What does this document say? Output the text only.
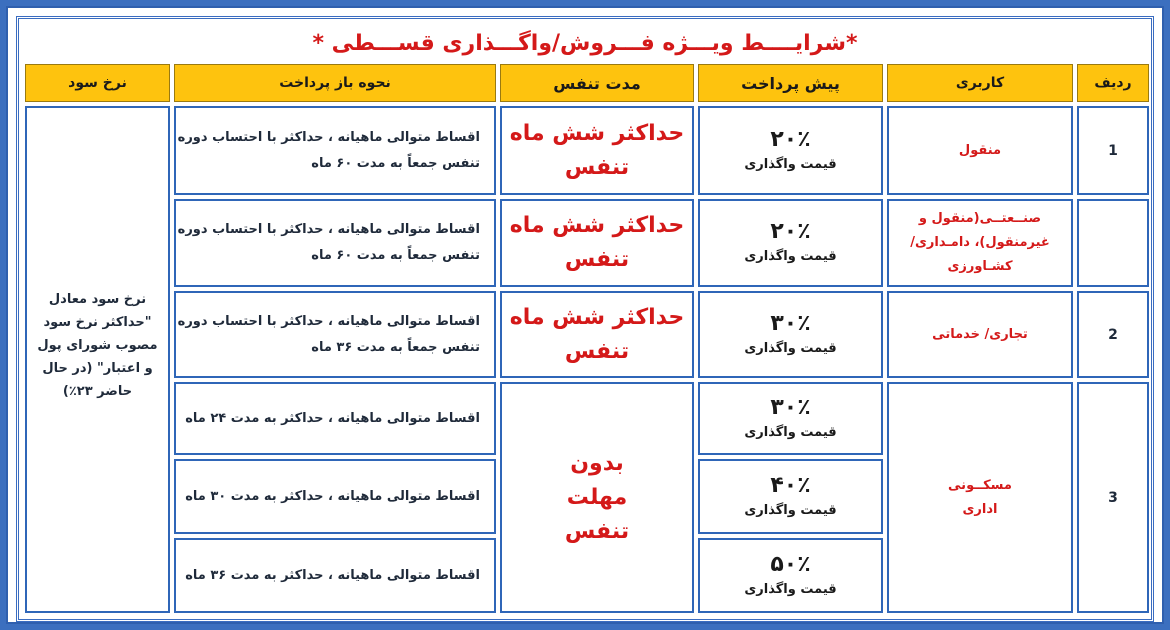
*شرایــــط ویـــژه فـــروش/واگـــذاری قســـطی *
ردیف
کاربری
پیش پرداخت
مدت تنفس
نحوه باز پرداخت
نرخ سود
1
منقول
۲۰٪
قیمت واگذاری
حداکثر شش ماه تنفس
اقساط متوالی ماهیانه ، حداکثر با احتساب دوره تنفس جمعاً به مدت ۶۰ ماه
صنــعتــی(منقول و غیرمنقول)، دامـداری/کشـاورزی
۲۰٪
قیمت واگذاری
حداکثر شش ماه تنفس
اقساط متوالی ماهیانه ، حداکثر با احتساب دوره تنفس جمعاً به مدت ۶۰ ماه
2
تجاری/ خدماتی
۳۰٪
قیمت واگذاری
حداکثر شش ماه تنفس
اقساط متوالی ماهیانه ، حداکثر با احتساب دوره تنفس جمعاً به مدت ۳۶ ماه
3
مسکــونی اداری
۳۰٪
قیمت واگذاری
۴۰٪
قیمت واگذاری
۵۰٪
قیمت واگذاری
بدون مهلت تنفس
اقساط متوالی ماهیانه ، حداکثر به مدت ۲۴ ماه
اقساط متوالی ماهیانه ، حداکثر به مدت ۳۰ ماه
اقساط متوالی ماهیانه ، حداکثر به مدت ۳۶ ماه
نرخ سود معادل "حداکثر نرخ سود مصوب شورای پول و اعتبار" (در حال حاضر ۲۳٪)
